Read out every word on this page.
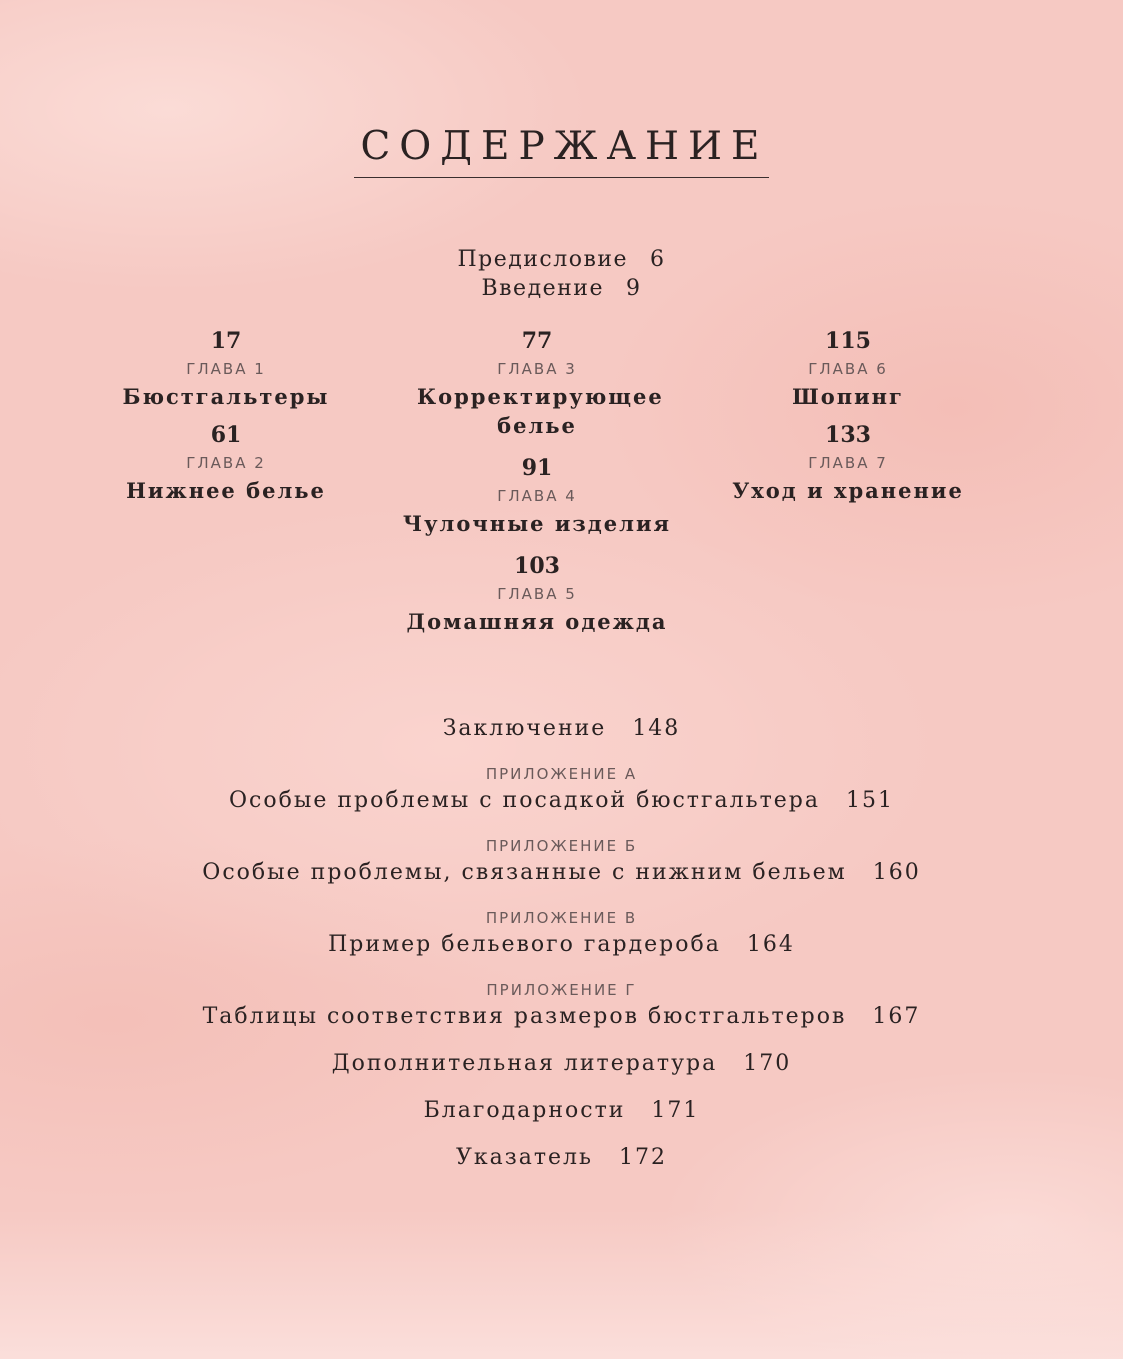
СОДЕРЖАНИЕ
Предисловие 6
Введение 9
17
ГЛАВА 1
Бюстгальтеры
61
ГЛАВА 2
Нижнее белье
77
ГЛАВА 3
Корректирующее белье
91
ГЛАВА 4
Чулочные изделия
103
ГЛАВА 5
Домашняя одежда
115
ГЛАВА 6
Шопинг
133
ГЛАВА 7
Уход и хранение
Заключение 148
ПРИЛОЖЕНИЕ А
Особые проблемы с посадкой бюстгальтера 151
ПРИЛОЖЕНИЕ Б
Особые проблемы, связанные с нижним бельем 160
ПРИЛОЖЕНИЕ В
Пример бельевого гардероба 164
ПРИЛОЖЕНИЕ Г
Таблицы соответствия размеров бюстгальтеров 167
Дополнительная литература 170
Благодарности 171
Указатель 172
